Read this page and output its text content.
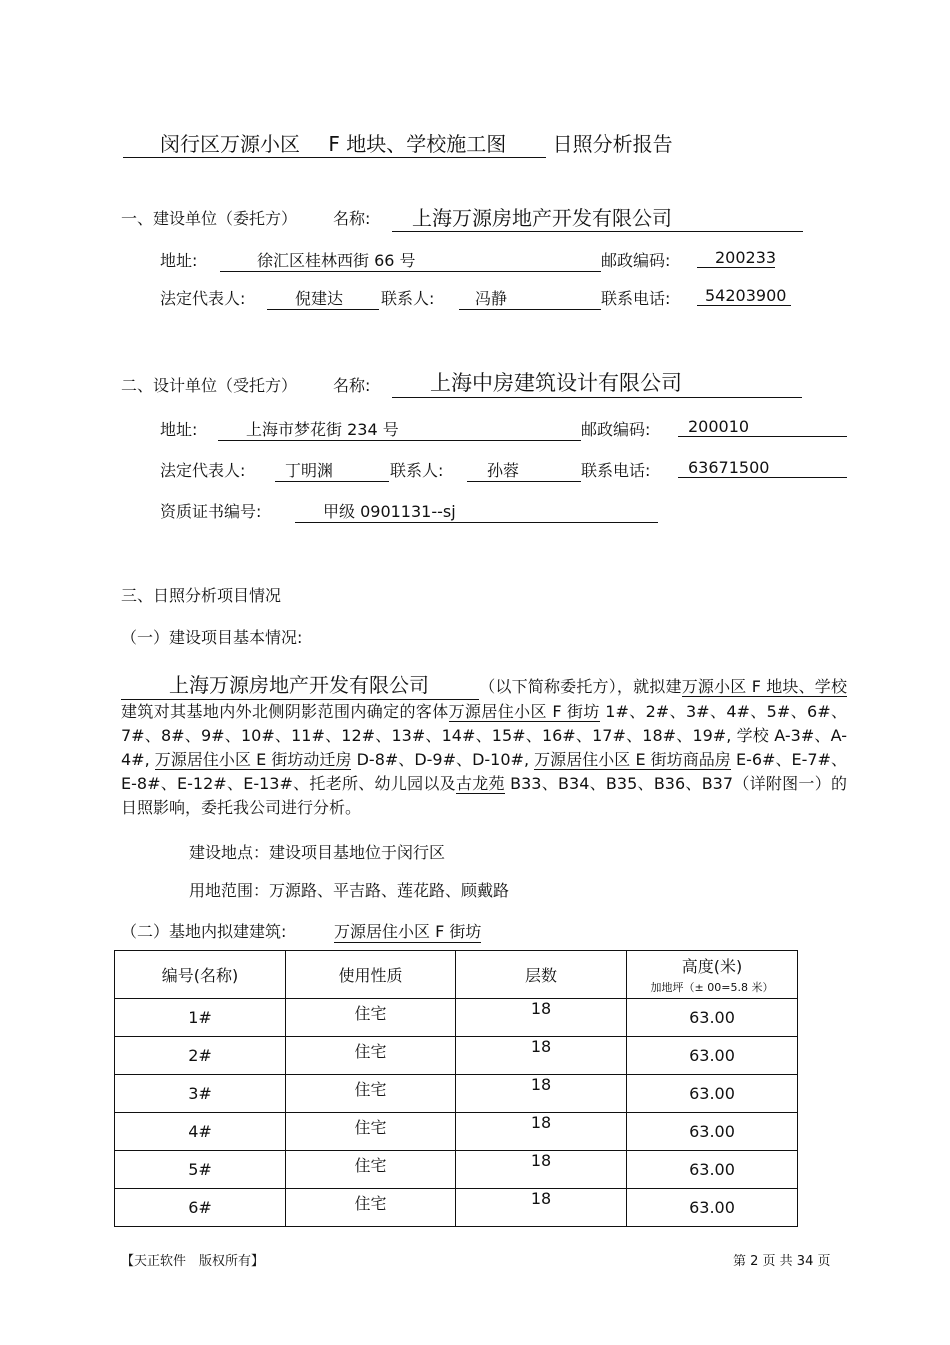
闵行区万源小区 F 地块、学校施工图 日照分析报告
一、建设单位（委托方） 名称:	上海万源房地产开发有限公司
地址:	徐汇区桂林西街 66 号	邮政编码:	200233
法定代表人:	倪建达	联系人:	冯静	联系电话:	54203900
二、设计单位（受托方） 名称:	上海中房建筑设计有限公司
地址:	上海市梦花街 234 号	邮政编码:	200010
法定代表人:	丁明渊	联系人:	孙蓉	联系电话:	63671500
资质证书编号:	甲级 0901131--sj
三、日照分析项目情况
（一）建设项目基本情况:
上海万源房地产开发有限公司	（以下简称委托方），就拟建万源小区 F 地块、学校建筑对其基地内外北侧阴影范围内确定的客体万源居住小区 F 街坊 1#、2#、3#、4#、5#、6#、7#、8#、9#、10#、11#、12#、13#、14#、15#、16#、17#、18#、19#, 学校 A-3#、A-4#, 万源居住小区 E 街坊动迁房 D-8#、D-9#、D-10#, 万源居住小区 E 街坊商品房 E-6#、E-7#、E-8#、E-12#、E-13#、托老所、幼儿园以及古龙苑 B33、B34、B35、B36、B37（详附图一）的日照影响，委托我公司进行分析。
建设地点：建设项目基地位于闵行区
用地范围：万源路、平吉路、莲花路、顾戴路
（二）基地内拟建建筑:	万源居住小区 F 街坊
编号(名称)	使用性质	层数	高度(米)
加地坪（± 00=5.8 米）

1#	住宅	18	63.00

2#	住宅	18	63.00

3#	住宅	18	63.00

4#	住宅	18	63.00

5#	住宅	18	63.00

6#	住宅	18	63.00
【天正软件　版权所有】	第 2 页 共 34 页
